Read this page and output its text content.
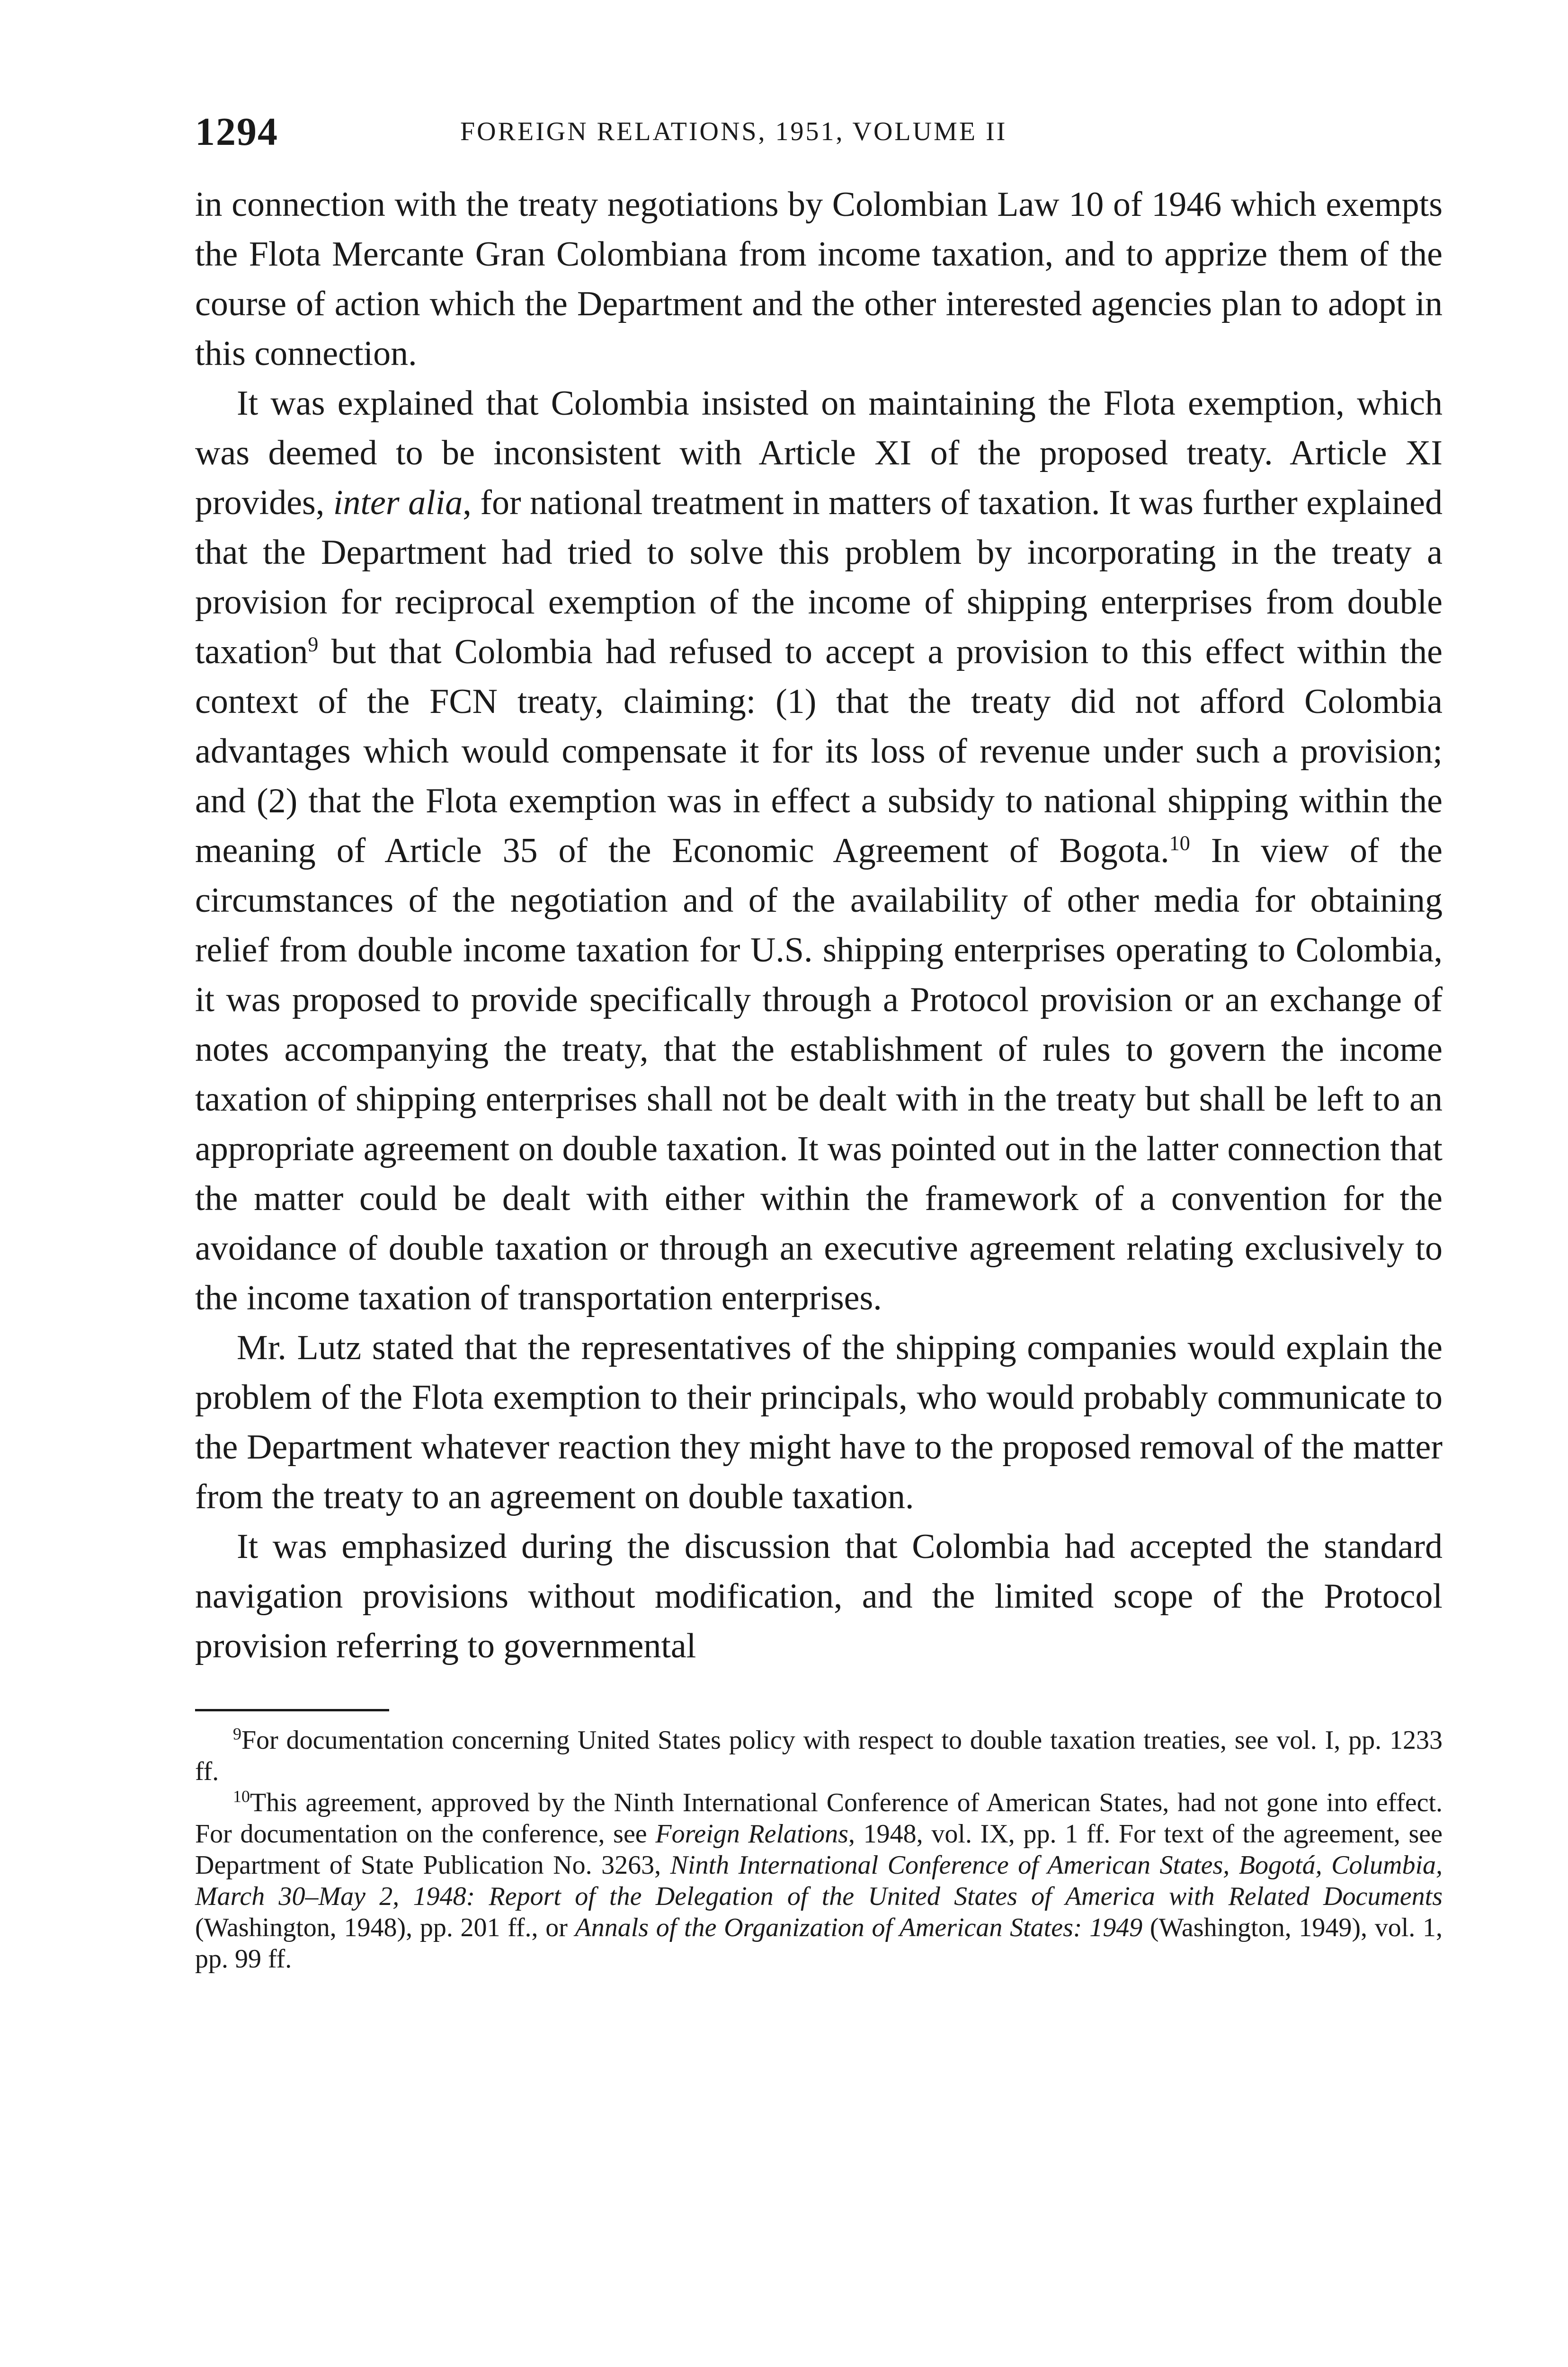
1294	FOREIGN RELATIONS, 1951, VOLUME II

in connection with the treaty negotiations by Colombian Law 10 of 1946 which exempts the Flota Mercante Gran Colombiana from income taxation, and to apprize them of the course of action which the Department and the other interested agencies plan to adopt in this connection.

It was explained that Colombia insisted on maintaining the Flota exemption, which was deemed to be inconsistent with Article XI of the proposed treaty. Article XI provides, inter alia, for national treatment in matters of taxation. It was further explained that the Department had tried to solve this problem by incorporating in the treaty a provision for reciprocal exemption of the income of shipping enterprises from double taxation$^9$ but that Colombia had refused to accept a provision to this effect within the context of the FCN treaty, claiming: (1) that the treaty did not afford Colombia advantages which would compensate it for its loss of revenue under such a provision; and (2) that the Flota exemption was in effect a subsidy to national shipping within the meaning of Article 35 of the Economic Agreement of Bogota.$^{10}$ In view of the circumstances of the negotiation and of the availability of other media for obtaining relief from double income taxation for U.S. shipping enterprises operating to Colombia, it was proposed to provide specifically through a Protocol provision or an exchange of notes accompanying the treaty, that the establishment of rules to govern the income taxation of shipping enterprises shall not be dealt with in the treaty but shall be left to an appropriate agreement on double taxation. It was pointed out in the latter connection that the matter could be dealt with either within the framework of a convention for the avoidance of double taxation or through an executive agreement relating exclusively to the income taxation of transportation enterprises.

Mr. Lutz stated that the representatives of the shipping companies would explain the problem of the Flota exemption to their principals, who would probably communicate to the Department whatever reaction they might have to the proposed removal of the matter from the treaty to an agreement on double taxation.

It was emphasized during the discussion that Colombia had accepted the standard navigation provisions without modification, and the limited scope of the Protocol provision referring to governmental

$^9$For documentation concerning United States policy with respect to double taxation treaties, see vol. I, pp. 1233 ff.

$^{10}$This agreement, approved by the Ninth International Conference of American States, had not gone into effect. For documentation on the conference, see Foreign Relations, 1948, vol. IX, pp. 1 ff. For text of the agreement, see Department of State Publication No. 3263, Ninth International Conference of American States, Bogotá, Columbia, March 30–May 2, 1948: Report of the Delegation of the United States of America with Related Documents (Washington, 1948), pp. 201 ff., or Annals of the Organization of American States: 1949 (Washington, 1949), vol. 1, pp. 99 ff.
